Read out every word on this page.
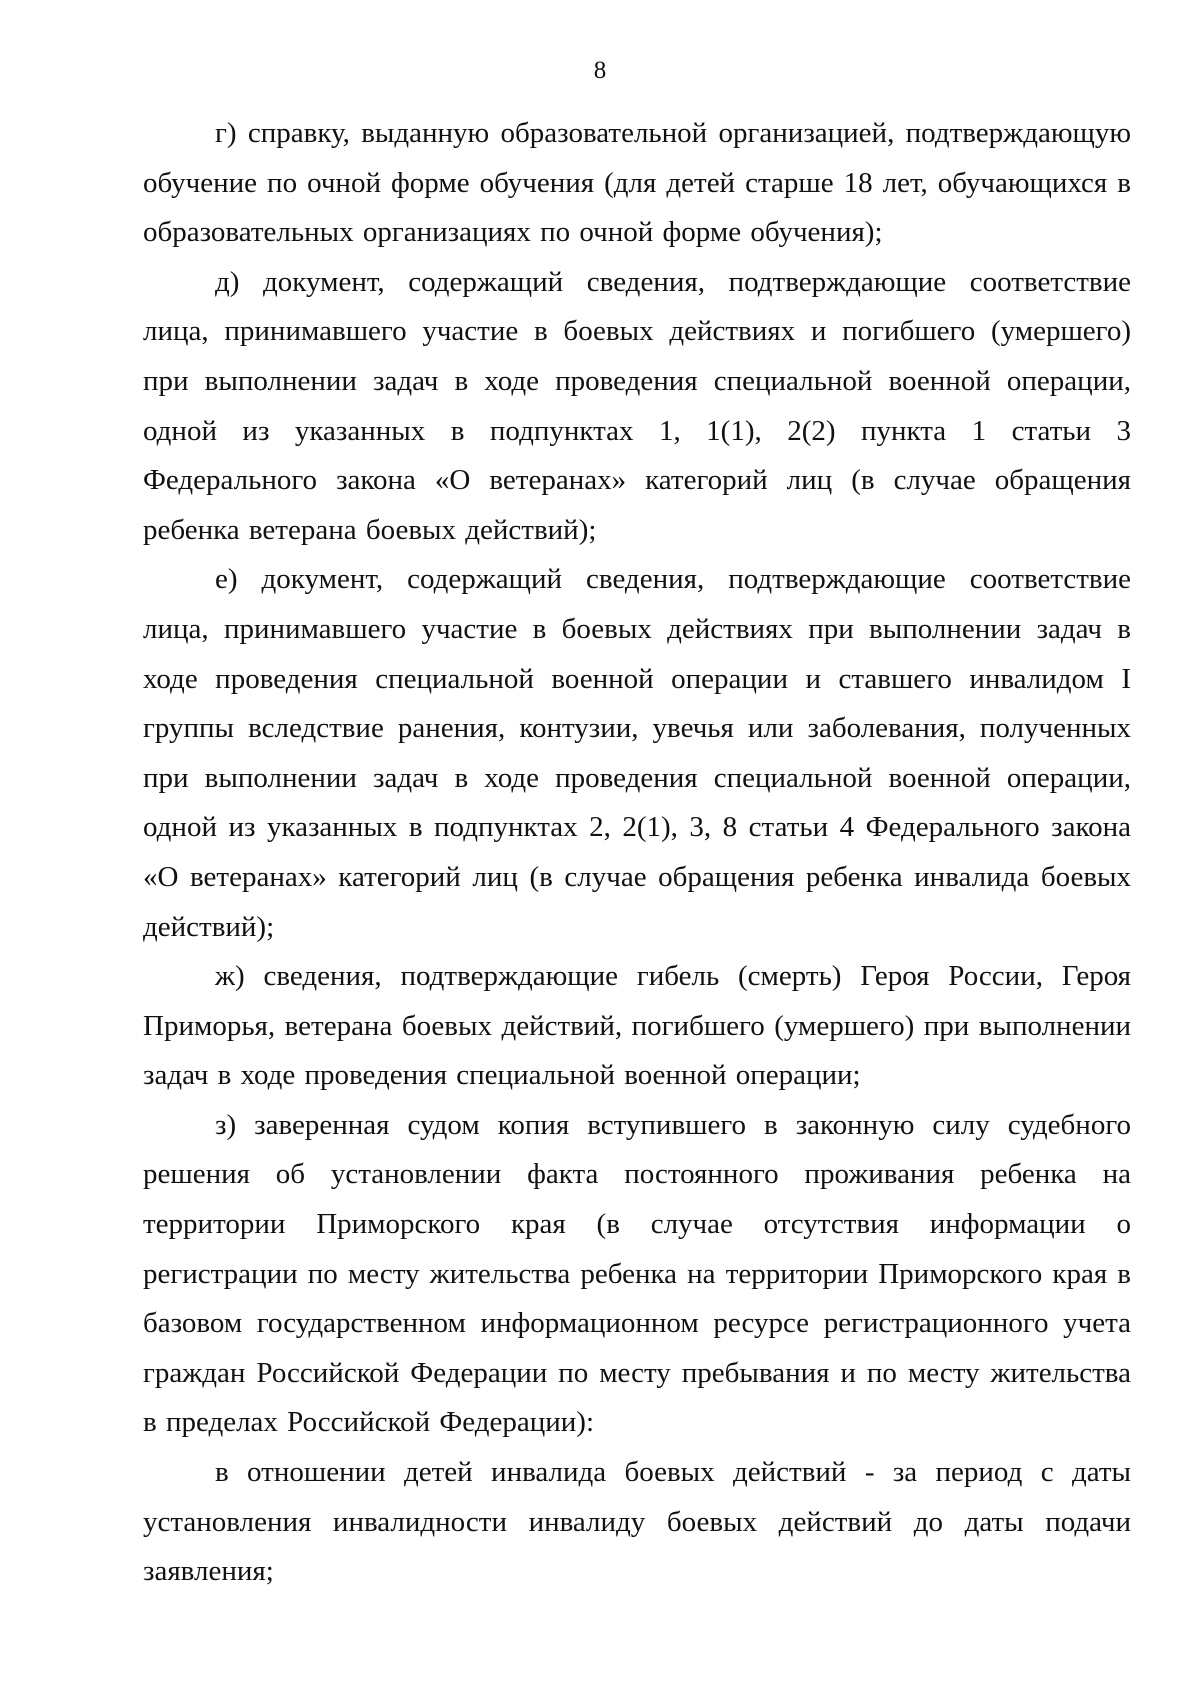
8

г) справку, выданную образовательной организацией, подтверждающую обучение по очной форме обучения (для детей старше 18 лет, обучающихся в образовательных организациях по очной форме обучения);

д) документ, содержащий сведения, подтверждающие соответствие лица, принимавшего участие в боевых действиях и погибшего (умершего) при выполнении задач в ходе проведения специальной военной операции, одной из указанных в подпунктах 1, 1(1), 2(2) пункта 1 статьи 3 Федерального закона «О ветеранах» категорий лиц (в случае обращения ребенка ветерана боевых действий);

е) документ, содержащий сведения, подтверждающие соответствие лица, принимавшего участие в боевых действиях при выполнении задач в ходе проведения специальной военной операции и ставшего инвалидом I группы вследствие ранения, контузии, увечья или заболевания, полученных при выполнении задач в ходе проведения специальной военной операции, одной из указанных в подпунктах 2, 2(1), 3, 8 статьи 4 Федерального закона «О ветеранах» категорий лиц (в случае обращения ребенка инвалида боевых действий);

ж) сведения, подтверждающие гибель (смерть) Героя России, Героя Приморья, ветерана боевых действий, погибшего (умершего) при выполнении задач в ходе проведения специальной военной операции;

з) заверенная судом копия вступившего в законную силу судебного решения об установлении факта постоянного проживания ребенка на территории Приморского края (в случае отсутствия информации о регистрации по месту жительства ребенка на территории Приморского края в базовом государственном информационном ресурсе регистрационного учета граждан Российской Федерации по месту пребывания и по месту жительства в пределах Российской Федерации):

в отношении детей инвалида боевых действий - за период с даты установления инвалидности инвалиду боевых действий до даты подачи заявления;
